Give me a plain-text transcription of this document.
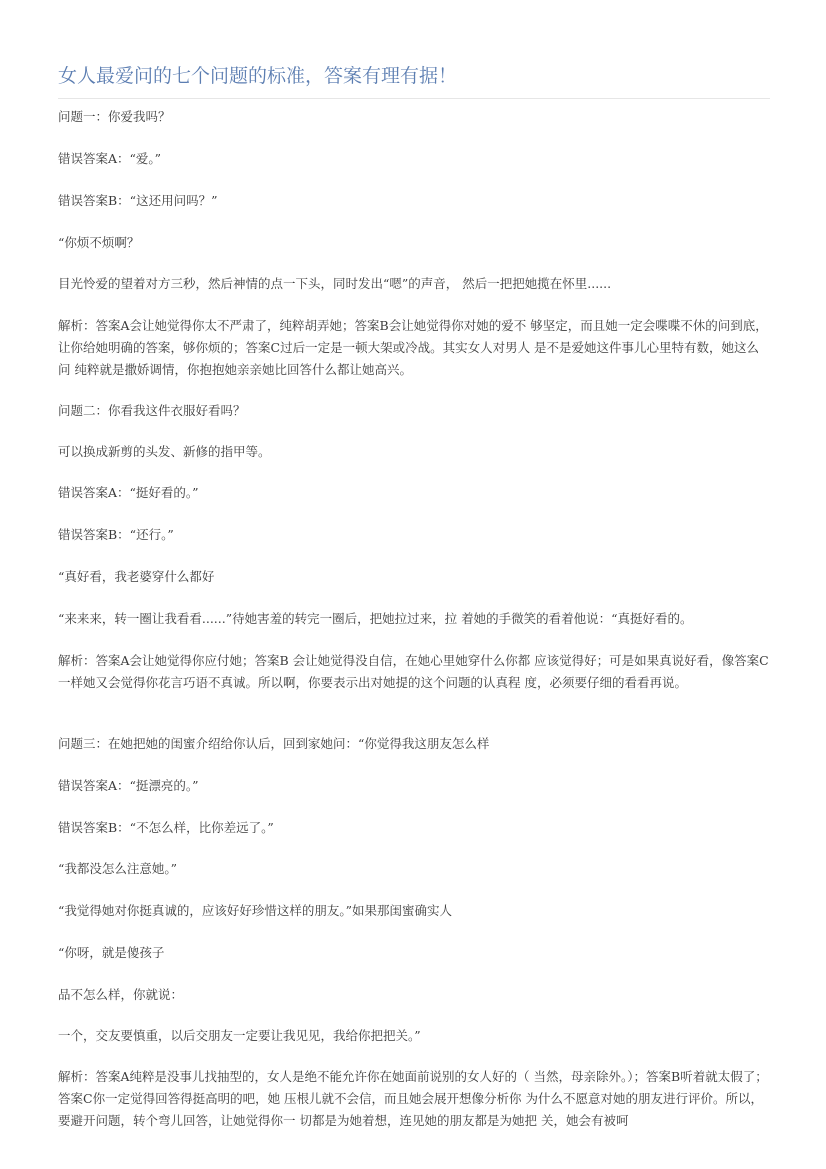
女人最爱问的七个问题的标准，答案有理有据！

问题一：你爱我吗？

错误答案A：“爱。”

错误答案B：“这还用问吗？”

“你烦不烦啊？

目光怜爱的望着对方三秒，然后神情的点一下头，同时发出“嗯”的声音， 然后一把把她揽在怀里......

解析：答案A会让她觉得你太不严肃了，纯粹胡弄她；答案B会让她觉得你对她的爱不 够坚定，而且她一定会喋喋不休的问到底， 让你给她明确的答案，够你烦的；答案C过后一定是一顿大架或冷战。其实女人对男人 是不是爱她这件事儿心里特有数，她这么问 纯粹就是撒娇调情，你抱抱她亲亲她比回答什么都让她高兴。

问题二：你看我这件衣服好看吗？

可以换成新剪的头发、新修的指甲等。

错误答案A：“挺好看的。”

错误答案B：“还行。”

“真好看，我老婆穿什么都好

“来来来，转一圈让我看看......”待她害羞的转完一圈后，把她拉过来，拉 着她的手微笑的看着他说：“真挺好看的。

解析：答案A会让她觉得你应付她；答案B 会让她觉得没自信，在她心里她穿什么你都 应该觉得好；可是如果真说好看，像答案C 一样她又会觉得你花言巧语不真诚。所以啊，你要表示出对她提的这个问题的认真程 度，必须要仔细的看看再说。

问题三：在她把她的闺蜜介绍给你认后，回到家她问：“你觉得我这朋友怎么样

错误答案A：“挺漂亮的。”

错误答案B：“不怎么样，比你差远了。”

“我都没怎么注意她。”

“我觉得她对你挺真诚的，应该好好珍惜这样的朋友。”如果那闺蜜确实人

“你呀，就是傻孩子

品不怎么样，你就说：

一个，交友要慎重，以后交朋友一定要让我见见，我给你把把关。”

解析：答案A纯粹是没事儿找抽型的，女人是绝不能允许你在她面前说别的女人好的（ 当然，母亲除外。）；答案B听着就太假了；答案C你一定觉得回答得挺高明的吧，她 压根儿就不会信，而且她会展开想像分析你 为什么不愿意对她的朋友进行评价。所以，要避开问题，转个弯儿回答，让她觉得你一 切都是为她着想，连见她的朋友都是为她把 关，她会有被呵
